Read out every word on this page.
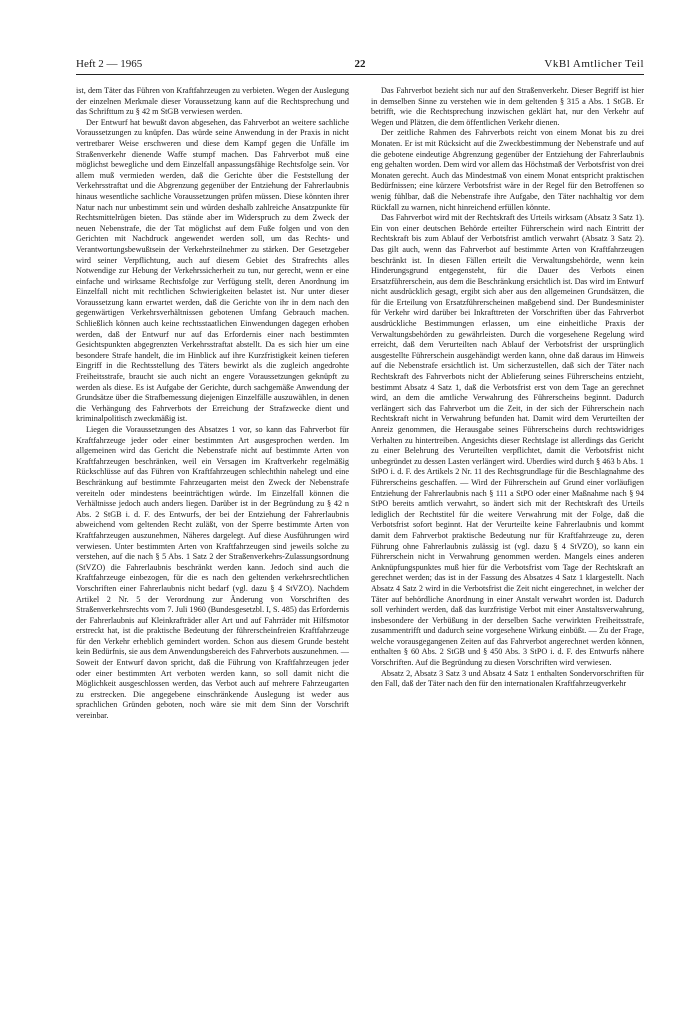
Heft 2 — 1965	22	VkBl Amtlicher Teil

ist, dem Täter das Führen von Kraftfahrzeugen zu verbieten. Wegen der Auslegung der einzelnen Merkmale dieser Voraussetzung kann auf die Rechtsprechung und das Schrifttum zu § 42 m StGB verwiesen werden.

Der Entwurf hat bewußt davon abgesehen, das Fahrverbot an weitere sachliche Voraussetzungen zu knüpfen. Das würde seine Anwendung in der Praxis in nicht vertretbarer Weise erschweren und diese dem Kampf gegen die Unfälle im Straßenverkehr dienende Waffe stumpf machen. Das Fahrverbot muß eine möglichst bewegliche und dem Einzelfall anpassungsfähige Rechtsfolge sein. Vor allem muß vermieden werden, daß die Gerichte über die Feststellung der Verkehrsstraftat und die Abgrenzung gegenüber der Entziehung der Fahrerlaubnis hinaus wesentliche sachliche Voraussetzungen prüfen müssen. Diese könnten ihrer Natur nach nur unbestimmt sein und würden deshalb zahlreiche Ansatzpunkte für Rechtsmittelrügen bieten. Das stände aber im Widerspruch zu dem Zweck der neuen Nebenstrafe, die der Tat möglichst auf dem Fuße folgen und von den Gerichten mit Nachdruck angewendet werden soll, um das Rechts- und Verantwortungsbewußtsein der Verkehrsteilnehmer zu stärken. Der Gesetzgeber wird seiner Verpflichtung, auch auf diesem Gebiet des Strafrechts alles Notwendige zur Hebung der Verkehrssicherheit zu tun, nur gerecht, wenn er eine einfache und wirksame Rechtsfolge zur Verfügung stellt, deren Anordnung im Einzelfall nicht mit rechtlichen Schwierigkeiten belastet ist. Nur unter dieser Voraussetzung kann erwartet werden, daß die Gerichte von ihr in dem nach den gegenwärtigen Verkehrsverhältnissen gebotenen Umfang Gebrauch machen. Schließlich können auch keine rechtsstaatlichen Einwendungen dagegen erhoben werden, daß der Entwurf nur auf das Erfordernis einer nach bestimmten Gesichtspunkten abgegrenzten Verkehrsstraftat abstellt. Da es sich hier um eine besondere Strafe handelt, die im Hinblick auf ihre Kurzfristigkeit keinen tieferen Eingriff in die Rechtsstellung des Täters bewirkt als die zugleich angedrohte Freiheitsstrafe, braucht sie auch nicht an engere Voraussetzungen geknüpft zu werden als diese. Es ist Aufgabe der Gerichte, durch sachgemäße Anwendung der Grundsätze über die Strafbemessung diejenigen Einzelfälle auszuwählen, in denen die Verhängung des Fahrverbots der Erreichung der Strafzwecke dient und kriminalpolitisch zweckmäßig ist.

Liegen die Voraussetzungen des Absatzes 1 vor, so kann das Fahrverbot für Kraftfahrzeuge jeder oder einer bestimmten Art ausgesprochen werden. Im allgemeinen wird das Gericht die Nebenstrafe nicht auf bestimmte Arten von Kraftfahrzeugen beschränken, weil ein Versagen im Kraftverkehr regelmäßig Rückschlüsse auf das Führen von Kraftfahrzeugen schlechthin nahelegt und eine Beschränkung auf bestimmte Fahrzeugarten meist den Zweck der Nebenstrafe vereiteln oder mindestens beeinträchtigen würde. Im Einzelfall können die Verhältnisse jedoch auch anders liegen. Darüber ist in der Begründung zu § 42 n Abs. 2 StGB i. d. F. des Entwurfs, der bei der Entziehung der Fahrerlaubnis abweichend vom geltenden Recht zuläßt, von der Sperre bestimmte Arten von Kraftfahrzeugen auszunehmen, Näheres dargelegt. Auf diese Ausführungen wird verwiesen. Unter bestimmten Arten von Kraftfahrzeugen sind jeweils solche zu verstehen, auf die nach § 5 Abs. 1 Satz 2 der Straßenverkehrs-Zulassungsordnung (StVZO) die Fahrerlaubnis beschränkt werden kann. Jedoch sind auch die Kraftfahrzeuge einbezogen, für die es nach den geltenden verkehrsrechtlichen Vorschriften einer Fahrerlaubnis nicht bedarf (vgl. dazu § 4 StVZO). Nachdem Artikel 2 Nr. 5 der Verordnung zur Änderung von Vorschriften des Straßenverkehrsrechts vom 7. Juli 1960 (Bundesgesetzbl. I, S. 485) das Erfordernis der Fahrerlaubnis auf Kleinkrafträder aller Art und auf Fahrräder mit Hilfsmotor erstreckt hat, ist die praktische Bedeutung der führerscheinfreien Kraftfahrzeuge für den Verkehr erheblich gemindert worden. Schon aus diesem Grunde besteht kein Bedürfnis, sie aus dem Anwendungsbereich des Fahrverbots auszunehmen. — Soweit der Entwurf davon spricht, daß die Führung von Kraftfahrzeugen jeder oder einer bestimmten Art verboten werden kann, so soll damit nicht die Möglichkeit ausgeschlossen werden, das Verbot auch auf mehrere Fahrzeugarten zu erstrecken. Die angegebene einschränkende Auslegung ist weder aus sprachlichen Gründen geboten, noch wäre sie mit dem Sinn der Vorschrift vereinbar.

Das Fahrverbot bezieht sich nur auf den Straßenverkehr. Dieser Begriff ist hier in demselben Sinne zu verstehen wie in dem geltenden § 315 a Abs. 1 StGB. Er betrifft, wie die Rechtsprechung inzwischen geklärt hat, nur den Verkehr auf Wegen und Plätzen, die dem öffentlichen Verkehr dienen.

Der zeitliche Rahmen des Fahrverbots reicht von einem Monat bis zu drei Monaten. Er ist mit Rücksicht auf die Zweckbestimmung der Nebenstrafe und auf die gebotene eindeutige Abgrenzung gegenüber der Entziehung der Fahrerlaubnis eng gehalten worden. Dem wird vor allem das Höchstmaß der Verbotsfrist von drei Monaten gerecht. Auch das Mindestmaß von einem Monat entspricht praktischen Bedürfnissen; eine kürzere Verbotsfrist wäre in der Regel für den Betroffenen so wenig fühlbar, daß die Nebenstrafe ihre Aufgabe, den Täter nachhaltig vor dem Rückfall zu warnen, nicht hinreichend erfüllen könnte.

Das Fahrverbot wird mit der Rechtskraft des Urteils wirksam (Absatz 3 Satz 1). Ein von einer deutschen Behörde erteilter Führerschein wird nach Eintritt der Rechtskraft bis zum Ablauf der Verbotsfrist amtlich verwahrt (Absatz 3 Satz 2). Das gilt auch, wenn das Fahrverbot auf bestimmte Arten von Kraftfahrzeugen beschränkt ist. In diesen Fällen erteilt die Verwaltungsbehörde, wenn kein Hinderungsgrund entgegensteht, für die Dauer des Verbots einen Ersatzführerschein, aus dem die Beschränkung ersichtlich ist. Das wird im Entwurf nicht ausdrücklich gesagt, ergibt sich aber aus den allgemeinen Grundsätzen, die für die Erteilung von Ersatzführerscheinen maßgebend sind. Der Bundesminister für Verkehr wird darüber bei Inkrafttreten der Vorschriften über das Fahrverbot ausdrückliche Bestimmungen erlassen, um eine einheitliche Praxis der Verwaltungsbehörden zu gewährleisten. Durch die vorgesehene Regelung wird erreicht, daß dem Verurteilten nach Ablauf der Verbotsfrist der ursprünglich ausgestellte Führerschein ausgehändigt werden kann, ohne daß daraus im Hinweis auf die Nebenstrafe ersichtlich ist. Um sicherzustellen, daß sich der Täter nach Rechtskraft des Fahrverbots nicht der Ablieferung seines Führerscheins entzieht, bestimmt Absatz 4 Satz 1, daß die Verbotsfrist erst von dem Tage an gerechnet wird, an dem die amtliche Verwahrung des Führerscheins beginnt. Dadurch verlängert sich das Fahrverbot um die Zeit, in der sich der Führerschein nach Rechtskraft nicht in Verwahrung befunden hat. Damit wird dem Verurteilten der Anreiz genommen, die Herausgabe seines Führerscheins durch rechtswidriges Verhalten zu hintertreiben. Angesichts dieser Rechtslage ist allerdings das Gericht zu einer Belehrung des Verurteilten verpflichtet, damit die Verbotsfrist nicht unbegründet zu dessen Lasten verlängert wird. Uberdies wird durch § 463 b Abs. 1 StPO i. d. F. des Artikels 2 Nr. 11 des Rechtsgrundlage für die Beschlagnahme des Führerscheins geschaffen. — Wird der Führerschein auf Grund einer vorläufigen Entziehung der Fahrerlaubnis nach § 111 a StPO oder einer Maßnahme nach § 94 StPO bereits amtlich verwahrt, so ändert sich mit der Rechtskraft des Urteils lediglich der Rechtstitel für die weitere Verwahrung mit der Folge, daß die Verbotsfrist sofort beginnt. Hat der Verurteilte keine Fahrerlaubnis und kommt damit dem Fahrverbot praktische Bedeutung nur für Kraftfahrzeuge zu, deren Führung ohne Fahrerlaubnis zulässig ist (vgl. dazu § 4 StVZO), so kann ein Führerschein nicht in Verwahrung genommen werden. Mangels eines anderen Anknüpfungspunktes muß hier für die Verbotsfrist vom Tage der Rechtskraft an gerechnet werden; das ist in der Fassung des Absatzes 4 Satz 1 klargestellt. Nach Absatz 4 Satz 2 wird in die Verbotsfrist die Zeit nicht eingerechnet, in welcher der Täter auf behördliche Anordnung in einer Anstalt verwahrt worden ist. Dadurch soll verhindert werden, daß das kurzfristige Verbot mit einer Anstaltsverwahrung, insbesondere der Verbüßung in der derselben Sache verwirkten Freiheitsstrafe, zusammentrifft und dadurch seine vorgesehene Wirkung einbüßt. — Zu der Frage, welche vorausgegangenen Zeiten auf das Fahrverbot angerechnet werden können, enthalten § 60 Abs. 2 StGB und § 450 Abs. 3 StPO i. d. F. des Entwurfs nähere Vorschriften. Auf die Begründung zu diesen Vorschriften wird verwiesen.

Absatz 2, Absatz 3 Satz 3 und Absatz 4 Satz 1 enthalten Sondervorschriften für den Fall, daß der Täter nach den für den internationalen Kraftfahrzeugverkehr
